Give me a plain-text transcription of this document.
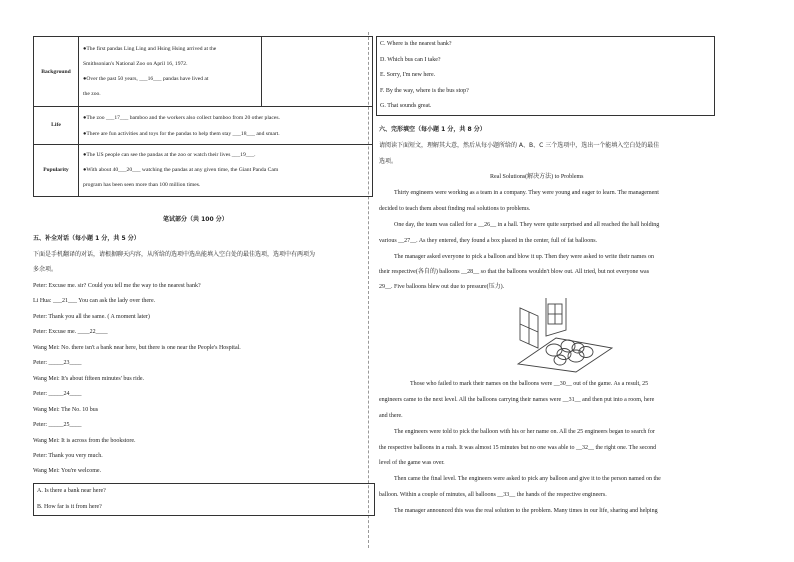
Background	●The first pandas Ling Ling and Hsing Hsing arrived at the
Smithsonian's National Zoo on April 16, 1972.
●Over the past 50 years, ___16___ pandas have lived at
the zoo.	

Life	●The zoo ___17___ bamboo and the workers also collect bamboo from 20 other places.
●There are fun activities and toys for the pandas to help them stay ___18___ and smart.	

Popularity	●The US people can see the pandas at the zoo or watch their lives ___19___.
●With about 40___20___ watching the pandas at any given time, the Giant Panda Cam
program has been seen more than 100 million times.	
笔试部分（共 100 分）
五、补全对话（每小题 1 分，共 5 分）
下面是手机翻译的对话，请根据聊天内容，从所给的选项中选出能填入空白处的最佳选项，选项中有两项为
多余项。
Peter: Excuse me. sir? Could you tell me the way to the nearest bank?
Li Hua: ___21___ You can ask the lady over there.
Peter: Thank you all the same. ( A moment later)
Peter: Excuse me. ____22____
Wang Mei: No. there isn't a bank near here, but there is one near the People's Hospital.
Peter: _____23____
Wang Mei: It's about fifteen minutes' bus ride.
Peter: _____24____
Wang Mei: The No. 10 bus
Peter: _____25____
Wang Mei: It is across from the bookstore.
Peter: Thank you very much.
Wang Mei: You're welcome.
A. Is there a bank near here?
B. How far is it from here?
C. Where is the nearest bank?
D. Which bus can I take?
E. Sorry, I'm new here.
F. By the way, where is the bus stop?
G. That sounds great.
六、完形填空（每小题 1 分，共 8 分）
请阅读下面短文，理解其大意，然后从每小题所给的 A、B、C 三个选项中，选出一个能填入空白处的最佳
选项。
Real Solutions(解决方法) to Problems
Thirty engineers were working as a team in a company. They were young and eager to learn. The management
decided to teach them about finding real solutions to problems.
One day, the team was called for a __26__ in a hall. They were quite surprised and all reached the hall holding
various __27__. As they entered, they found a box placed in the center, full of fat balloons.
The manager asked everyone to pick a balloon and blow it up. Then they were asked to write their names on
their respective(各自的) balloons __28__ so that the balloons wouldn't blow out. All tried, but not everyone was
29__. Five balloons blew out due to pressure(压力).
Those who failed to mark their names on the balloons were __30__ out of the game. As a result, 25
engineers came to the next level. All the balloons carrying their names were __31__ and then put into a room, here
and there.
The engineers were told to pick the balloon with his or her name on. All the 25 engineers began to search for
the respective balloons in a rush. It was almost 15 minutes but no one was able to __32__ the right one. The second
level of the game was over.
Then came the final level. The engineers were asked to pick any balloon and give it to the person named on the
balloon. Within a couple of minutes, all balloons __33__ the hands of the respective engineers.
The manager announced this was the real solution to the problem. Many times in our life, sharing and helping
